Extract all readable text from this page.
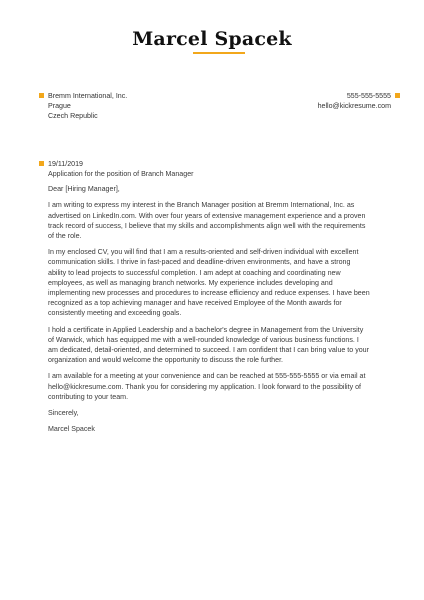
Marcel Spacek
Bremm International, Inc.
Prague
Czech Republic
555-555-5555
hello@kickresume.com
19/11/2019

Application for the position of Branch Manager

Dear [Hiring Manager],

I am writing to express my interest in the Branch Manager position at Bremm International, Inc. as advertised on LinkedIn.com. With over four years of extensive management experience and a proven track record of success, I believe that my skills and accomplishments align well with the requirements of the role.

In my enclosed CV, you will find that I am a results-oriented and self-driven individual with excellent communication skills. I thrive in fast-paced and deadline-driven environments, and have a strong ability to lead projects to successful completion. I am adept at coaching and coordinating new employees, as well as managing branch networks. My experience includes developing and implementing new processes and procedures to increase efficiency and reduce expenses. I have been recognized as a top achieving manager and have received Employee of the Month awards for consistently meeting and exceeding goals.

I hold a certificate in Applied Leadership and a bachelor's degree in Management from the University of Warwick, which has equipped me with a well-rounded knowledge of various business functions. I am dedicated, detail-oriented, and determined to succeed. I am confident that I can bring value to your organization and would welcome the opportunity to discuss the role further.

I am available for a meeting at your convenience and can be reached at 555-555-5555 or via email at hello@kickresume.com. Thank you for considering my application. I look forward to the possibility of contributing to your team.

Sincerely,

Marcel Spacek
